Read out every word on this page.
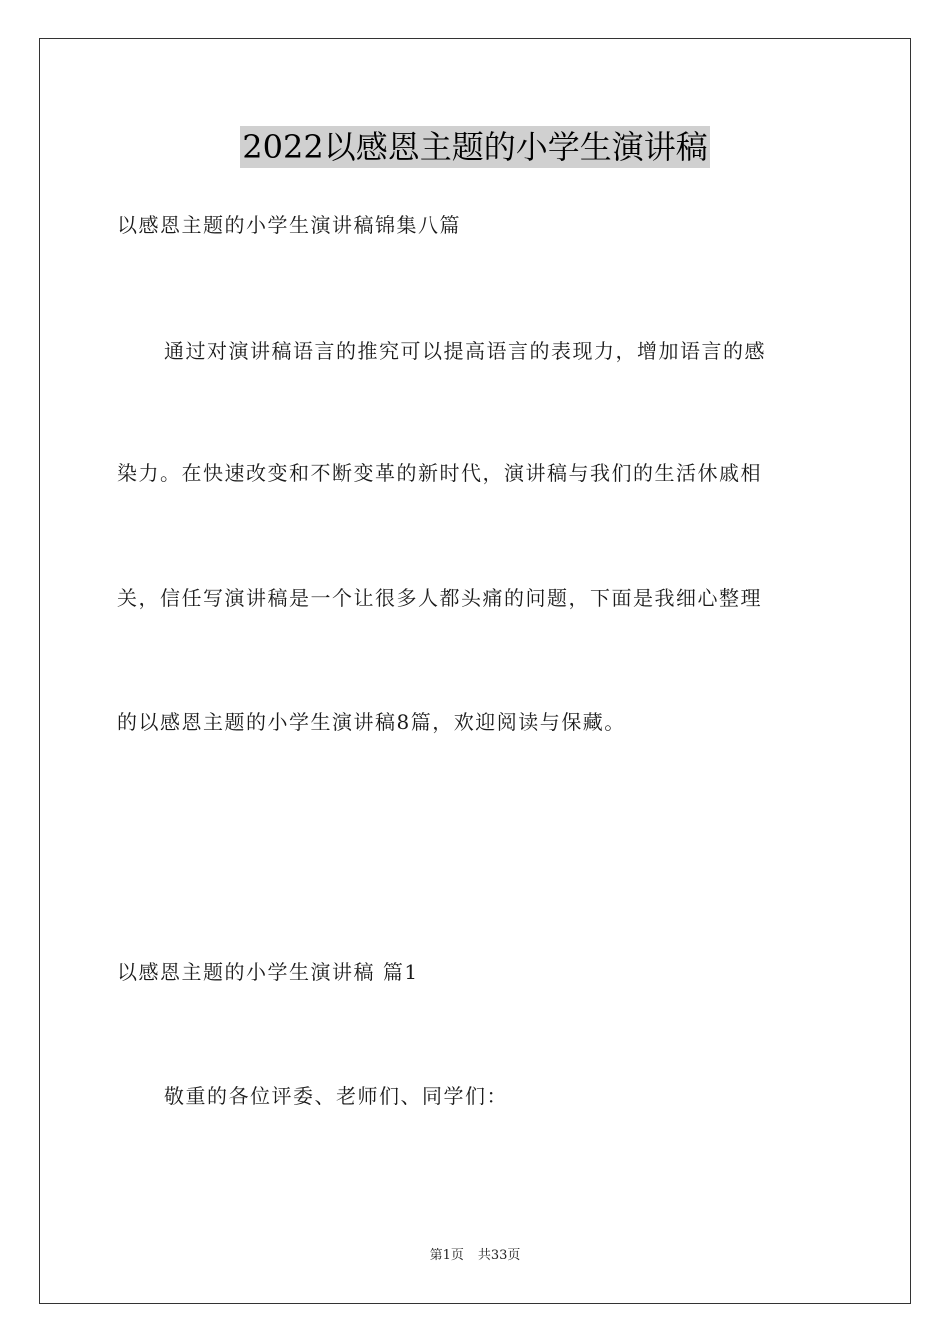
2022以感恩主题的小学生演讲稿
以感恩主题的小学生演讲稿锦集八篇
通过对演讲稿语言的推究可以提高语言的表现力，增加语言的感
染力。在快速改变和不断变革的新时代，演讲稿与我们的生活休戚相
关，信任写演讲稿是一个让很多人都头痛的问题，下面是我细心整理
的以感恩主题的小学生演讲稿8篇，欢迎阅读与保藏。
以感恩主题的小学生演讲稿 篇1
敬重的各位评委、老师们、同学们：
第1页 共33页
